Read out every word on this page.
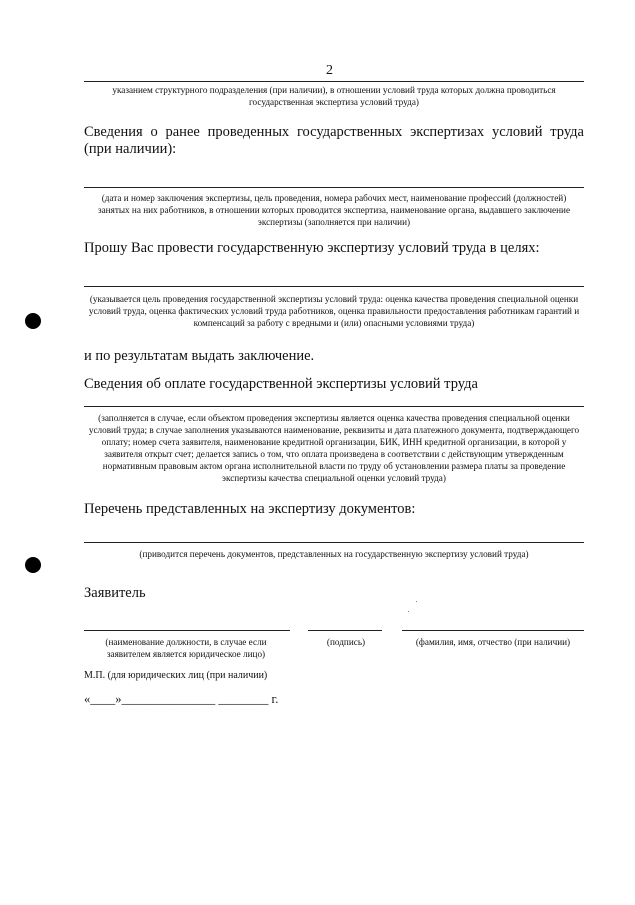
2
указанием структурного подразделения (при наличии), в отношении условий труда которых должна проводиться государственная экспертиза условий труда)
Сведения о ранее проведенных государственных экспертизах условий труда (при наличии):
(дата и номер заключения экспертизы, цель проведения, номера рабочих мест, наименование профессий (должностей) занятых на них работников, в отношении которых проводится экспертиза, наименование органа, выдавшего заключение экспертизы (заполняется при наличии)
Прошу Вас провести государственную экспертизу условий труда в целях:
(указывается цель проведения государственной экспертизы условий труда: оценка качества проведения специальной оценки условий труда, оценка фактических условий труда работников, оценка правильности предоставления работникам гарантий и компенсаций за работу с вредными и (или) опасными условиями труда)
и по результатам выдать заключение.
Сведения об оплате государственной экспертизы условий труда
(заполняется в случае, если объектом проведения экспертизы является оценка качества проведения специальной оценки условий труда; в случае заполнения указываются наименование, реквизиты и дата платежного документа, подтверждающего оплату; номер счета заявителя, наименование кредитной организации, БИК, ИНН кредитной организации, в которой у заявителя открыт счет; делается запись о том, что оплата произведена в соответствии с действующим утвержденным нормативным правовым актом органа исполнительной власти по труду об установлении размера платы за проведение экспертизы качества специальной оценки условий труда)
Перечень представленных на экспертизу документов:
(приводится перечень документов, представленных на государственную экспертизу условий труда)
Заявитель
(наименование должности, в случае если заявителем является юридическое лицо)
(подпись)	(фамилия, имя, отчество (при наличии)
М.П. (для юридических лиц (при наличии)
«____»_______________ ________ г.
